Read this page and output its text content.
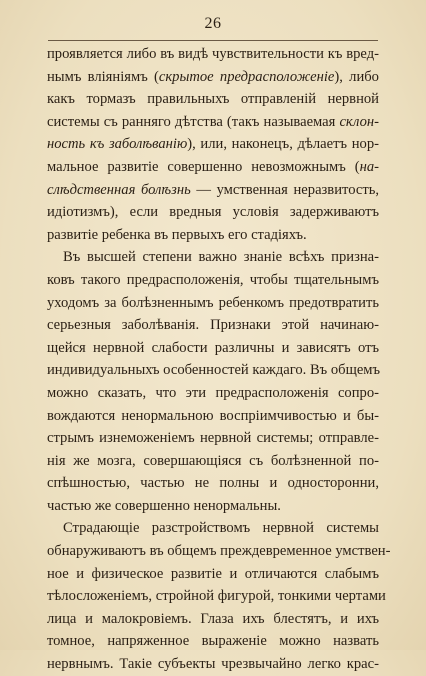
26
проявляется либо въ видѣ чувствительности къ вред-
нымъ вліяніямъ (скрытое предрасположеніе), либо
какъ тормазъ правильныхъ отправленій нервной
системы съ ранняго дѣтства (такъ называемая склон-
ность къ заболѣванію), или, наконецъ, дѣлаетъ нор-
мальное развитіе совершенно невозможнымъ (на-
слѣдственная болѣзнь — умственная неразвитость,
идіотизмъ), если вредныя условія задерживаютъ
развитіе ребенка въ первыхъ его стадіяхъ.
Въ высшей степени важно знаніе всѣхъ призна-
ковъ такого предрасположенія, чтобы тщательнымъ
уходомъ за болѣзненнымъ ребенкомъ предотвратить
серьезныя заболѣванія. Признаки этой начинаю-
щейся нервной слабости различны и зависятъ отъ
индивидуальныхъ особенностей каждаго. Въ общемъ
можно сказать, что эти предрасположенія сопро-
вождаются ненормальною воспріимчивостью и бы-
стрымъ изнеможеніемъ нервной системы; отправле-
нія же мозга, совершающіяся съ болѣзненной по-
спѣшностью, частью не полны и односторонни,
частью же совершенно ненормальны.
Страдающіе разстройствомъ нервной системы
обнаруживаютъ въ общемъ преждевременное умствен-
ное и физическое развитіе и отличаются слабымъ
тѣлосложеніемъ, стройной фигурой, тонкими чертами
лица и малокровіемъ. Глаза ихъ блестятъ, и ихъ
томное, напряженное выраженіе можно назвать
нервнымъ. Такіе субъекты чрезвычайно легко крас-
